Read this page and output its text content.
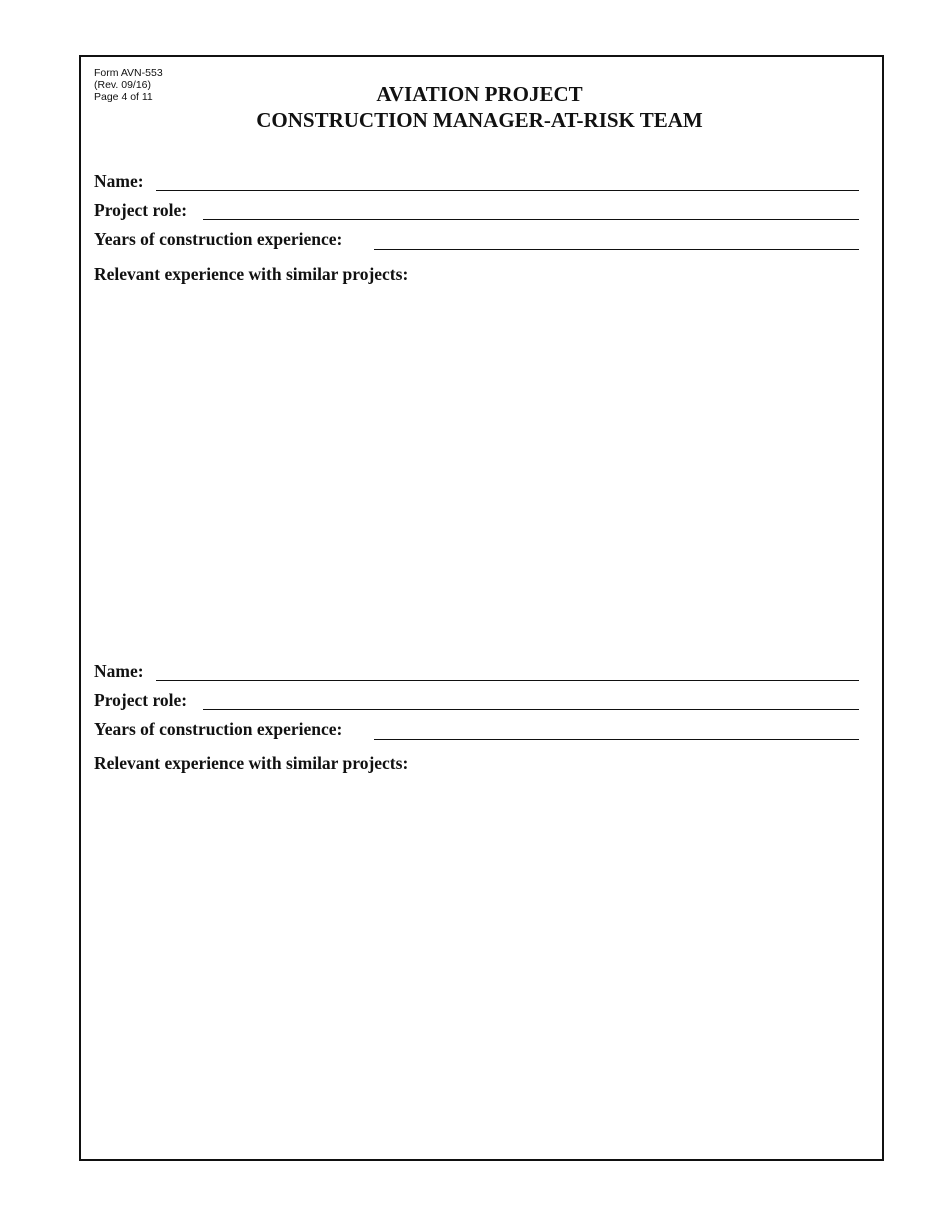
Form AVN-553
(Rev. 09/16)
Page 4 of 11	AVIATION PROJECT
CONSTRUCTION MANAGER-AT-RISK TEAM
Name:
Project role:
Years of construction experience:
Relevant experience with similar projects:
Name:
Project role:
Years of construction experience:
Relevant experience with similar projects:
